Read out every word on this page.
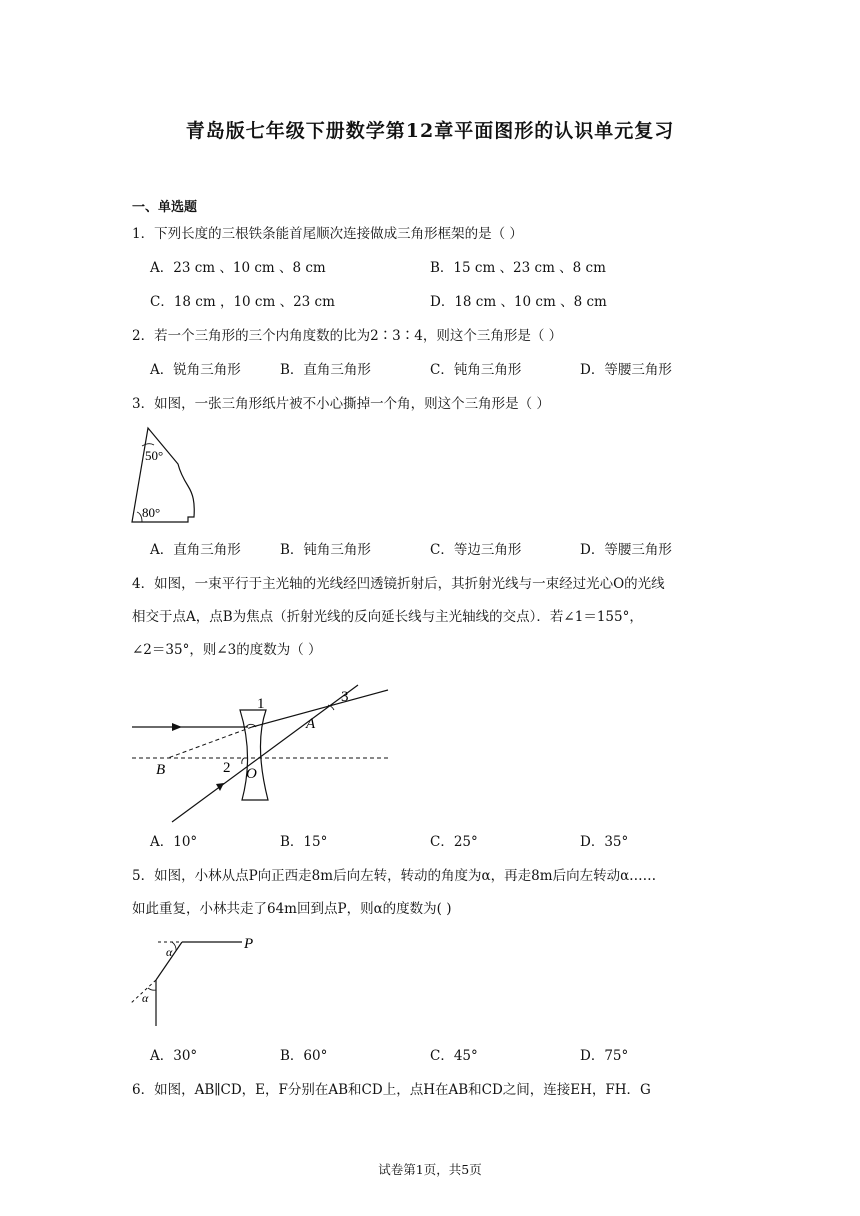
青岛版七年级下册数学第12章平面图形的认识单元复习
一、单选题
1．下列长度的三根铁条能首尾顺次连接做成三角形框架的是（ ）
A．23 cm 、10 cm 、8 cm	B．15 cm 、23 cm 、8 cm
C．18 cm ，10 cm 、23 cm	D．18 cm 、10 cm 、8 cm
2．若一个三角形的三个内角度数的比为2∶3∶4，则这个三角形是（ ）
A．锐角三角形	B．直角三角形	C．钝角三角形	D．等腰三角形
3．如图，一张三角形纸片被不小心撕掉一个角，则这个三角形是（ ）
50°
80°
A．直角三角形	B．钝角三角形	C．等边三角形	D．等腰三角形
4．如图，一束平行于主光轴的光线经凹透镜折射后，其折射光线与一束经过光心O的光线
相交于点A，点B为焦点（折射光线的反向延长线与主光轴线的交点）．若∠1＝155°，
∠2＝35°，则∠3的度数为（ ）
1
2
3
A
B	O
A．10°	B．15°	C．25°	D．35°
5．如图，小林从点P向正西走8m后向左转，转动的角度为α，再走8m后向左转动α……
如此重复，小林共走了64m回到点P，则α的度数为( )
P
α
α
A．30°	B．60°	C．45°	D．75°
6．如图，AB∥CD，E，F分别在AB和CD上，点H在AB和CD之间，连接EH，FH．G
试卷第1页，共5页
